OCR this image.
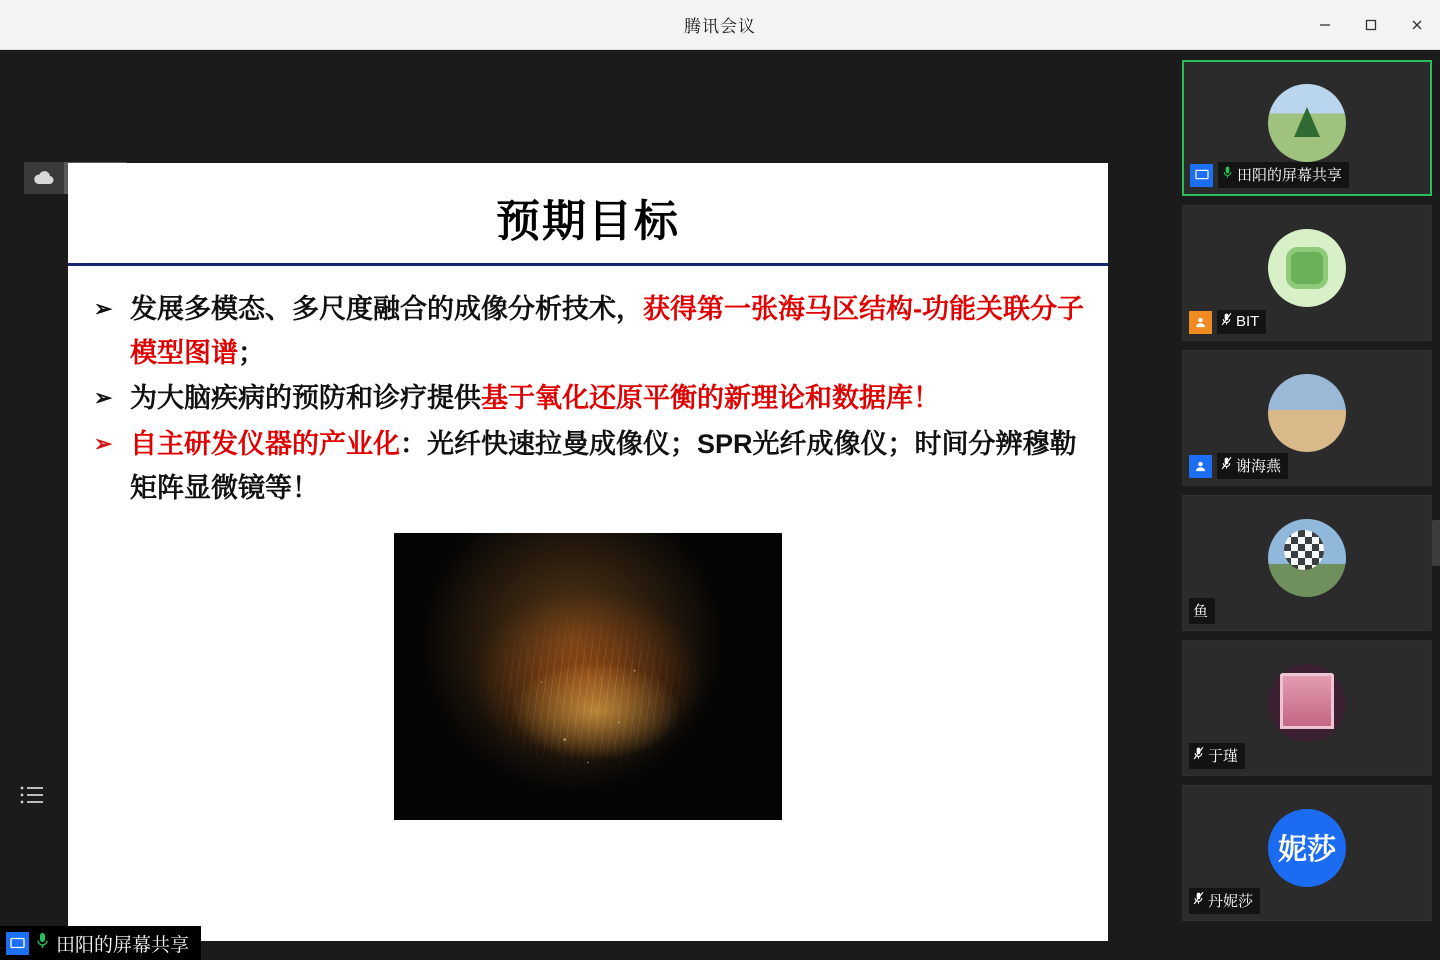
腾讯会议
预期目标
➢ 发展多模态、多尺度融合的成像分析技术，获得第一张海马区结构-功能关联分子模型图谱；
➢ 为大脑疾病的预防和诊疗提供基于氧化还原平衡的新理论和数据库！
➢ 自主研发仪器的产业化：光纤快速拉曼成像仪；SPR光纤成像仪；时间分辨穆勒矩阵显微镜等！
田阳的屏幕共享
田阳的屏幕共享
BIT
谢海燕
鱼
于瑾
妮莎
丹妮莎
